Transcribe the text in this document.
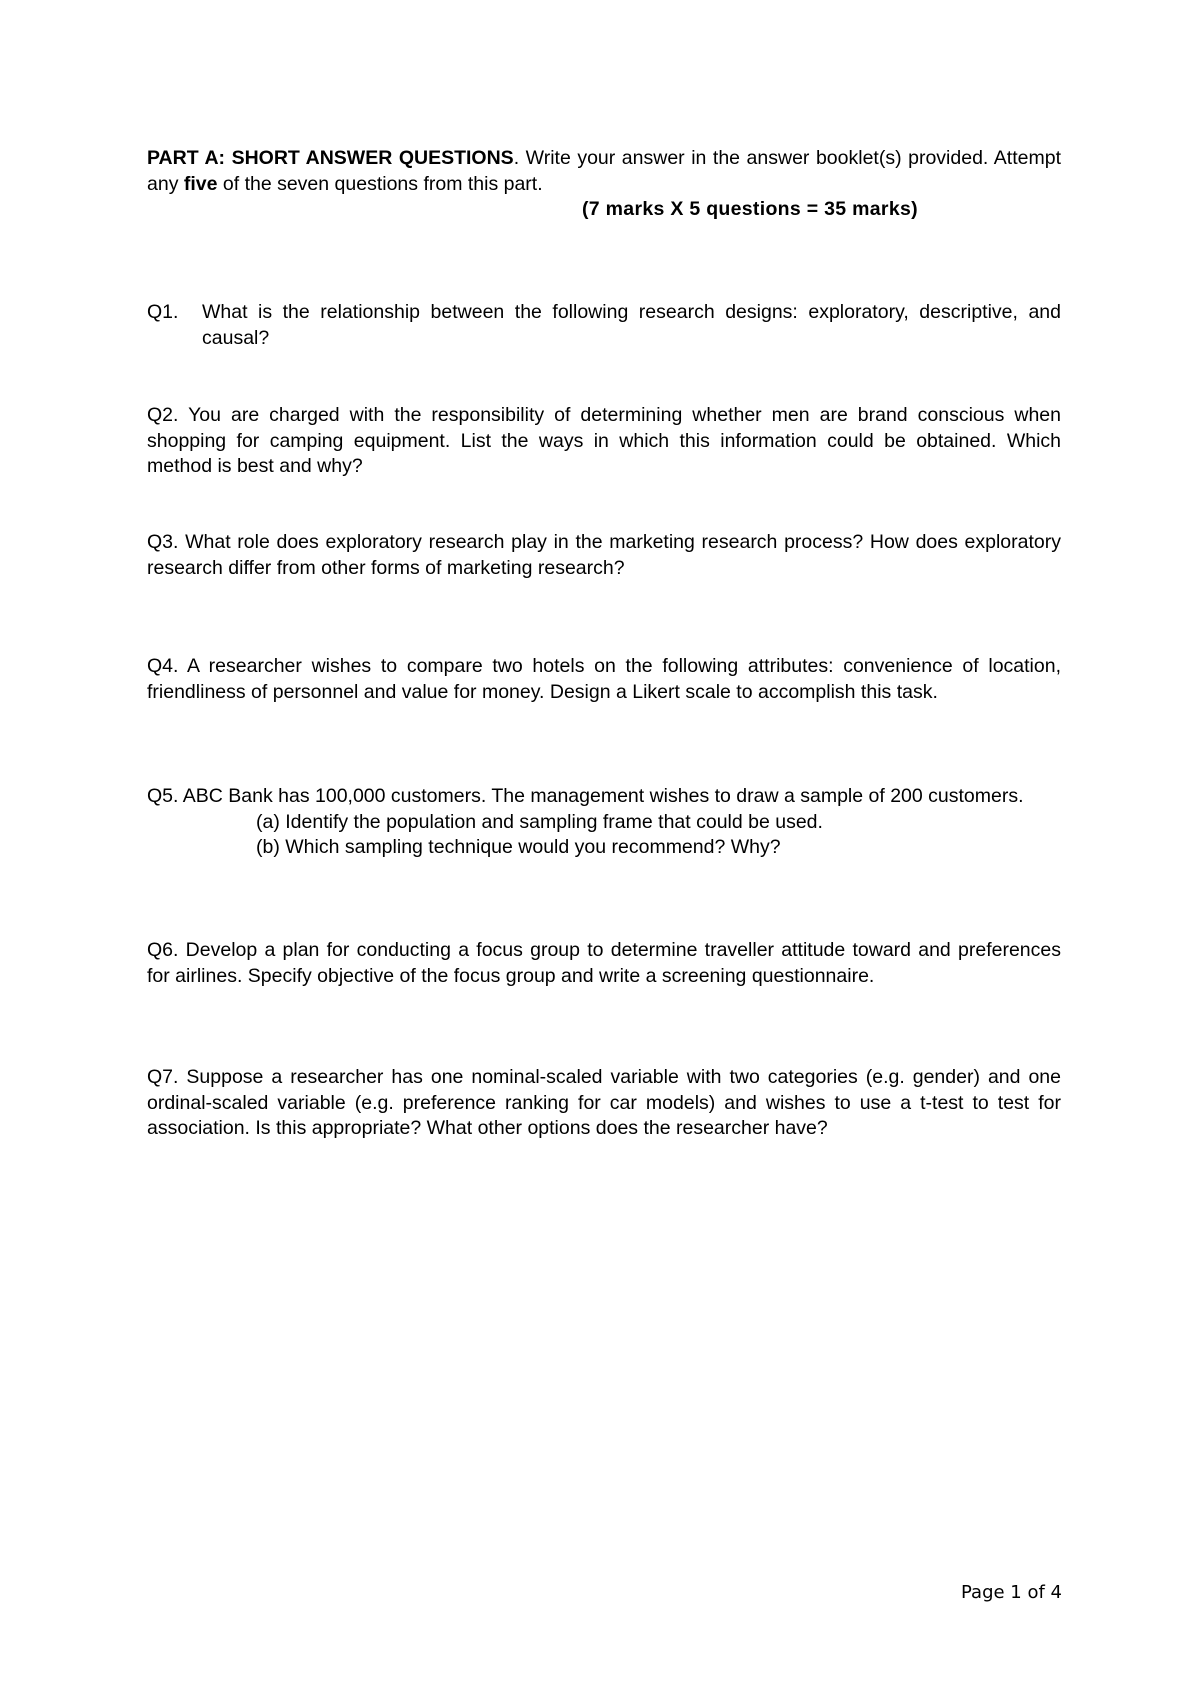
PART A: SHORT ANSWER QUESTIONS. Write your answer in the answer booklet(s) provided. Attempt any five of the seven questions from this part.
(7 marks X 5 questions = 35 marks)
Q1.	What is the relationship between the following research designs: exploratory, descriptive, and causal?
Q2. You are charged with the responsibility of determining whether men are brand conscious when shopping for camping equipment. List the ways in which this information could be obtained. Which method is best and why?
Q3. What role does exploratory research play in the marketing research process? How does exploratory research differ from other forms of marketing research?
Q4. A researcher wishes to compare two hotels on the following attributes: convenience of location, friendliness of personnel and value for money. Design a Likert scale to accomplish this task.
Q5. ABC Bank has 100,000 customers. The management wishes to draw a sample of 200 customers.
(a) Identify the population and sampling frame that could be used.
(b) Which sampling technique would you recommend? Why?
Q6. Develop a plan for conducting a focus group to determine traveller attitude toward and preferences for airlines. Specify objective of the focus group and write a screening questionnaire.
Q7. Suppose a researcher has one nominal-scaled variable with two categories (e.g. gender) and one ordinal-scaled variable (e.g. preference ranking for car models) and wishes to use a t-test to test for association. Is this appropriate? What other options does the researcher have?
Page 1 of 4
